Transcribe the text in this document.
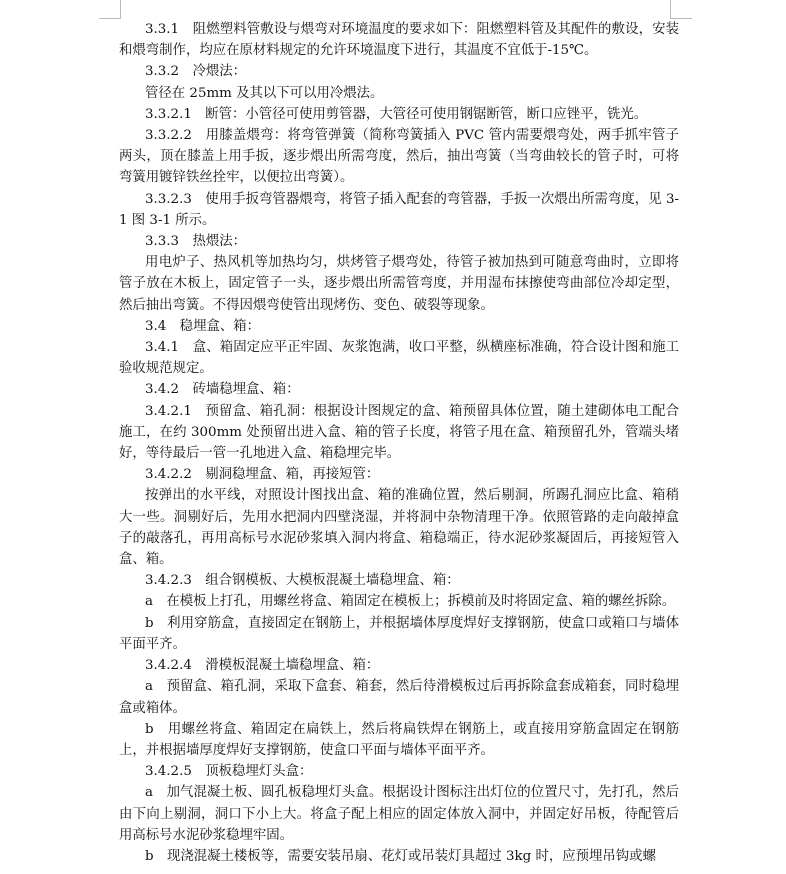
3.3.1　阻燃塑料管敷设与煨弯对环境温度的要求如下：阻燃塑料管及其配件的敷设，安装和煨弯制作，均应在原材料规定的允许环境温度下进行，其温度不宜低于-15℃。

3.3.2　冷煨法：

管径在 25mm 及其以下可以用冷煨法。

3.3.2.1　断管：小管径可使用剪管器，大管径可使用钢锯断管，断口应锉平，铣光。

3.3.2.2　用膝盖煨弯：将弯管弹簧（简称弯簧插入 PVC 管内需要煨弯处，两手抓牢管子两头，顶在膝盖上用手扳，逐步煨出所需弯度，然后，抽出弯簧（当弯曲较长的管子时，可将弯簧用镀锌铁丝拴牢，以便拉出弯簧）。

3.3.2.3　使用手扳弯管器煨弯，将管子插入配套的弯管器，手扳一次煨出所需弯度，见 3-1 图 3-1 所示。

3.3.3　热煨法：

用电炉子、热风机等加热均匀，烘烤管子煨弯处，待管子被加热到可随意弯曲时，立即将管子放在木板上，固定管子一头，逐步煨出所需管弯度，并用湿布抹擦使弯曲部位冷却定型，然后抽出弯簧。不得因煨弯使管出现烤伤、变色、破裂等现象。

3.4　稳埋盒、箱：

3.4.1　盒、箱固定应平正牢固、灰浆饱满，收口平整，纵横座标准确，符合设计图和施工验收规范规定。

3.4.2　砖墙稳埋盒、箱：

3.4.2.1　预留盒、箱孔洞：根据设计图规定的盒、箱预留具体位置，随土建砌体电工配合施工，在约 300mm 处预留出进入盒、箱的管子长度，将管子甩在盒、箱预留孔外，管端头堵好，等待最后一管一孔地进入盒、箱稳埋完毕。

3.4.2.2　剔洞稳埋盒、箱，再接短管：

按弹出的水平线，对照设计图找出盒、箱的准确位置，然后剔洞，所踢孔洞应比盒、箱稍大一些。洞剔好后，先用水把洞内四壁浇湿，并将洞中杂物清理干净。依照管路的走向敲掉盒子的敲落孔，再用高标号水泥砂浆填入洞内将盒、箱稳端正，待水泥砂浆凝固后，再接短管入盒、箱。

3.4.2.3　组合钢模板、大模板混凝土墙稳埋盒、箱：

a　在模板上打孔，用螺丝将盒、箱固定在模板上；拆模前及时将固定盒、箱的螺丝拆除。

b　利用穿筋盒，直接固定在钢筋上，并根据墙体厚度焊好支撑钢筋，使盒口或箱口与墙体平面平齐。

3.4.2.4　滑模板混凝土墙稳埋盒、箱：

a　预留盒、箱孔洞，采取下盒套、箱套，然后待滑模板过后再拆除盒套成箱套，同时稳埋盒或箱体。

b　用螺丝将盒、箱固定在扁铁上，然后将扁铁焊在钢筋上，或直接用穿筋盒固定在钢筋上，并根据墙厚度焊好支撑钢筋，使盒口平面与墙体平面平齐。

3.4.2.5　顶板稳埋灯头盒：

a　加气混凝土板、圆孔板稳埋灯头盒。根据设计图标注出灯位的位置尺寸，先打孔，然后由下向上剔洞，洞口下小上大。将盒子配上相应的固定体放入洞中，并固定好吊板，待配管后用高标号水泥砂浆稳埋牢固。

b　现浇混凝土楼板等，需要安装吊扇、花灯或吊装灯具超过 3kg 时，应预埋吊钩或螺
